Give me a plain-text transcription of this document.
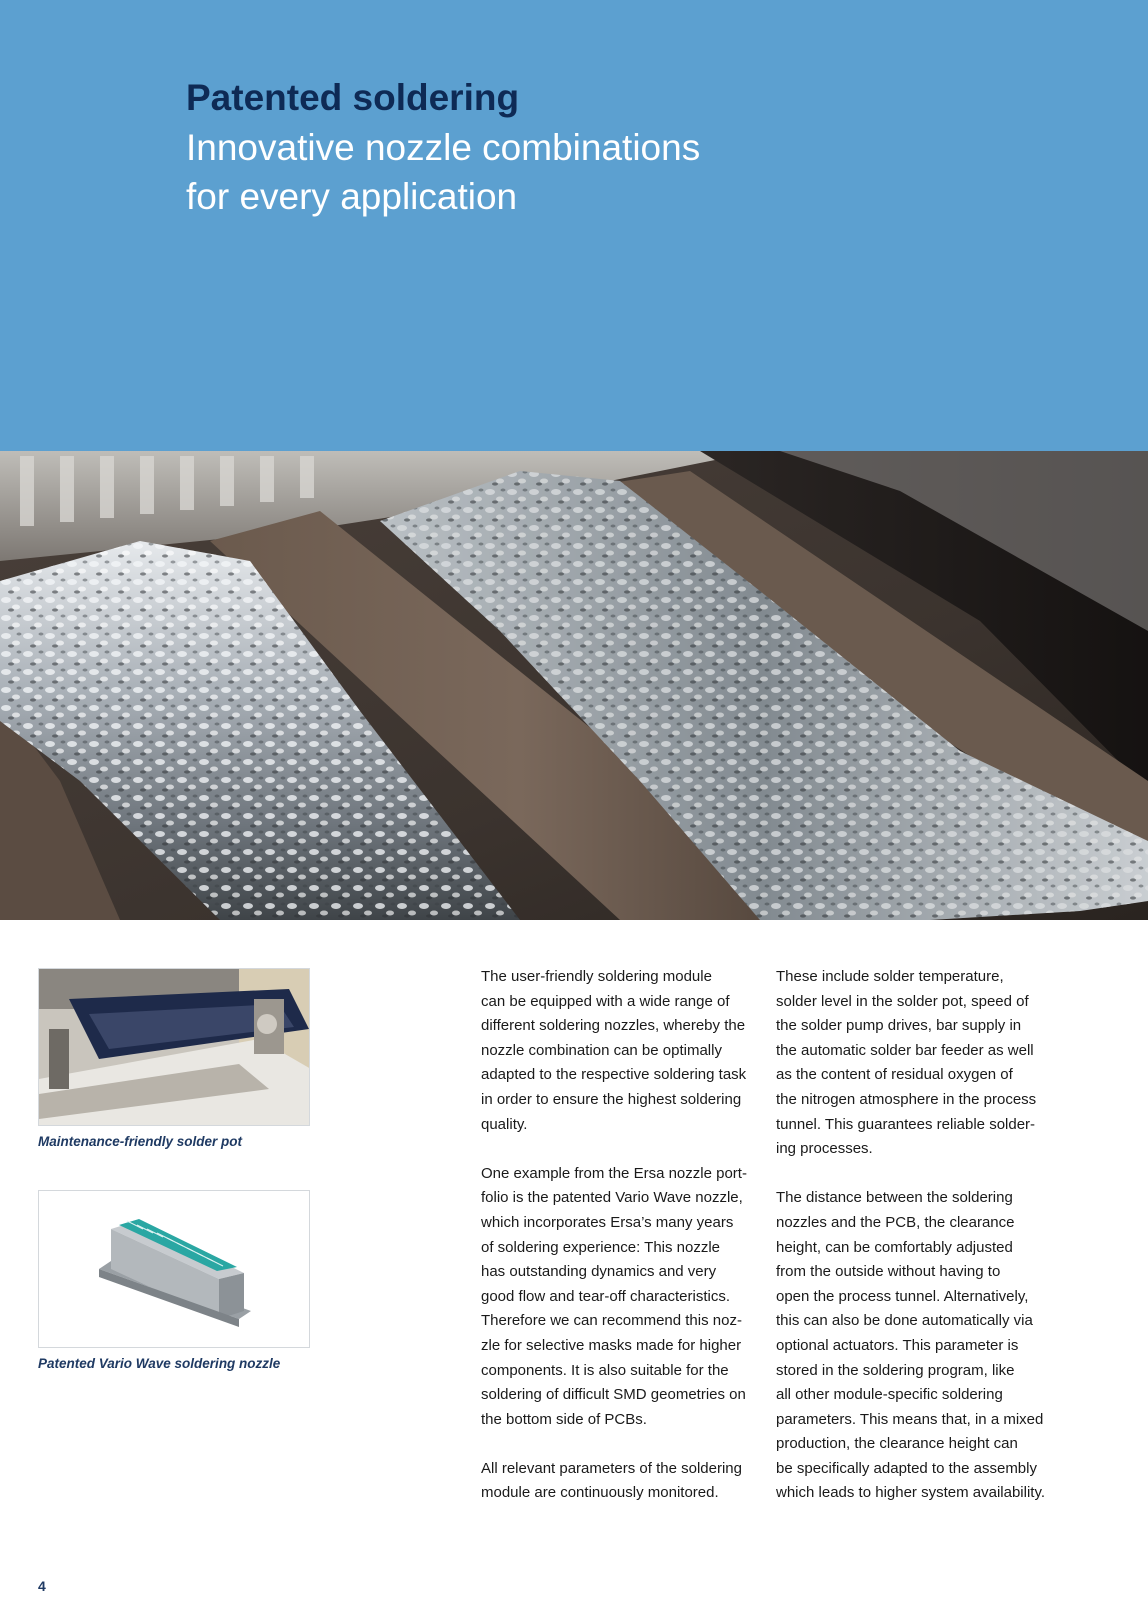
Patented soldering
Innovative nozzle combinations
for every application
Maintenance-friendly solder pot
Patented Vario Wave soldering nozzle
The user-friendly soldering module
can be equipped with a wide range of
different soldering nozzles, whereby the
nozzle combination can be optimally
adapted to the respective soldering task
in order to ensure the highest soldering
quality.
One example from the Ersa nozzle port-
folio is the patented Vario Wave nozzle,
which incorporates Ersa’s many years
of soldering experience: This nozzle
has outstanding dynamics and very
good flow and tear-off characteristics.
Therefore we can recommend this noz-
zle for selective masks made for higher
components. It is also suitable for the
soldering of difficult SMD geometries on
the bottom side of PCBs.
All relevant parameters of the soldering
module are continuously monitored.
These include solder temperature,
solder level in the solder pot, speed of
the solder pump drives, bar supply in
the automatic solder bar feeder as well
as the content of residual oxygen of
the nitrogen atmosphere in the process
tunnel. This guarantees reliable solder-
ing processes.
The distance between the soldering
nozzles and the PCB, the clearance
height, can be comfortably adjusted
from the outside without having to
open the process tunnel. Alternatively,
this can also be done automatically via
optional actuators. This parameter is
stored in the soldering program, like
all other module-specific soldering
parameters. This means that, in a mixed
production, the clearance height can
be specifically adapted to the assembly
which leads to higher system availability.
4
